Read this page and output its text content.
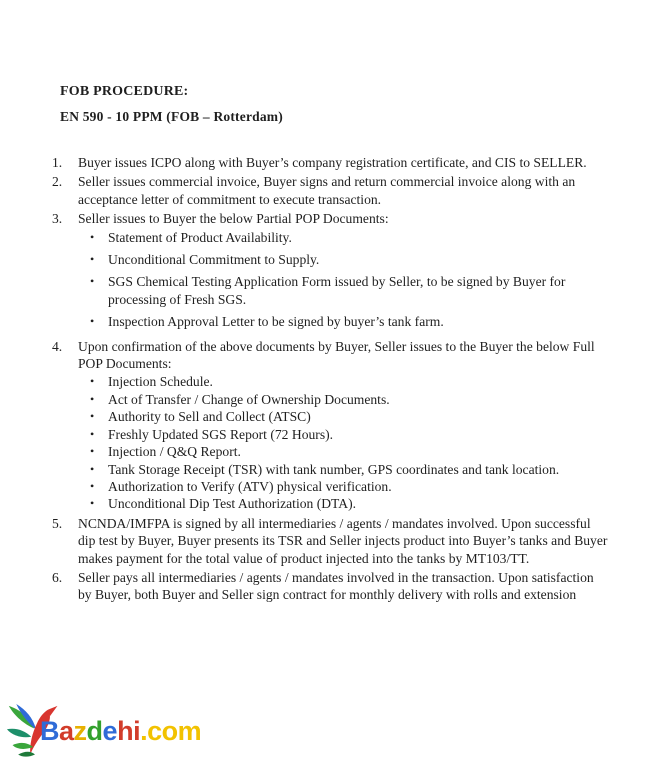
FOB PROCEDURE:
EN 590 - 10 PPM (FOB – Rotterdam)
1.	Buyer issues ICPO along with Buyer’s company registration certificate, and CIS to SELLER.
2.	Seller issues commercial invoice, Buyer signs and return commercial invoice along with an acceptance letter of commitment to execute transaction.
3.	Seller issues to Buyer the below Partial POP Documents:
•	Statement of Product Availability.
•	Unconditional Commitment to Supply.
•	SGS Chemical Testing Application Form issued by Seller, to be signed by Buyer for processing of Fresh SGS.
•	Inspection Approval Letter to be signed by buyer’s tank farm.
4.	Upon confirmation of the above documents by Buyer, Seller issues to the Buyer the below Full POP Documents:
•	Injection Schedule.
•	Act of Transfer / Change of Ownership Documents.
•	Authority to Sell and Collect (ATSC)
•	Freshly Updated SGS Report (72 Hours).
•	Injection / Q&Q Report.
•	Tank Storage Receipt (TSR) with tank number, GPS coordinates and tank location.
•	Authorization to Verify (ATV) physical verification.
•	Unconditional Dip Test Authorization (DTA).
5.	NCNDA/IMFPA is signed by all intermediaries / agents / mandates involved. Upon successful dip test by Buyer, Buyer presents its TSR and Seller injects product into Buyer’s tanks and Buyer makes payment for the total value of product injected into the tanks by MT103/TT.
6.	Seller pays all intermediaries / agents / mandates involved in the transaction. Upon satisfaction by Buyer, both Buyer and Seller sign contract for monthly delivery with rolls and extension
Bazdehi.com
